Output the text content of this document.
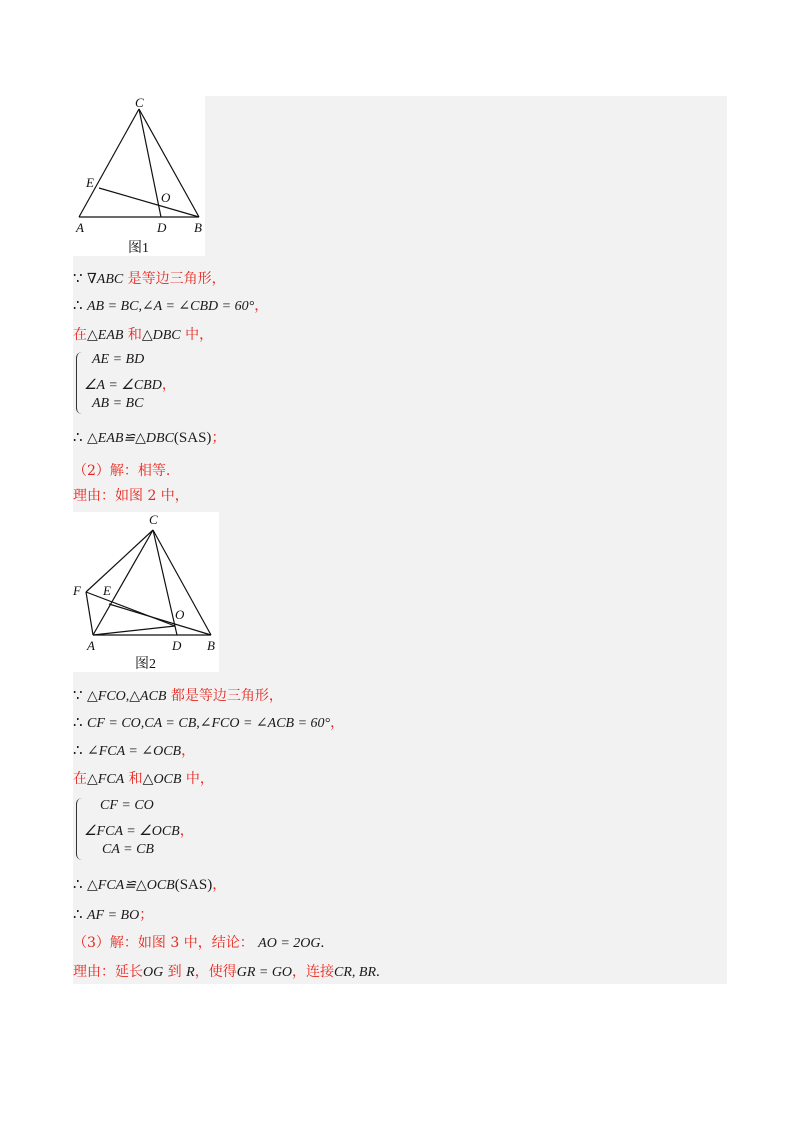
C
E
O
A	D B
图1
∵ ∇ABC 是等边三角形，
∴ AB = BC,∠A = ∠CBD = 60°，
在△EAB 和△DBC 中，
AE = BD
∠A = ∠CBD，
AB = BC
∴ △EAB≌△DBC(SAS)；
（2）解：相等.
理由：如图 2 中，
C
F E
O
A	D B
图2
∵ △FCO,△ACB 都是等边三角形，
∴ CF = CO,CA = CB,∠FCO = ∠ACB = 60°，
∴ ∠FCA = ∠OCB，
在△FCA 和△OCB 中，
CF = CO
∠FCA = ∠OCB，
CA = CB
∴ △FCA≌△OCB(SAS)，
∴ AF = BO；
（3）解：如图 3 中，结论： AO = 2OG.
理由：延长OG 到 R，使得GR = GO，连接CR, BR.
